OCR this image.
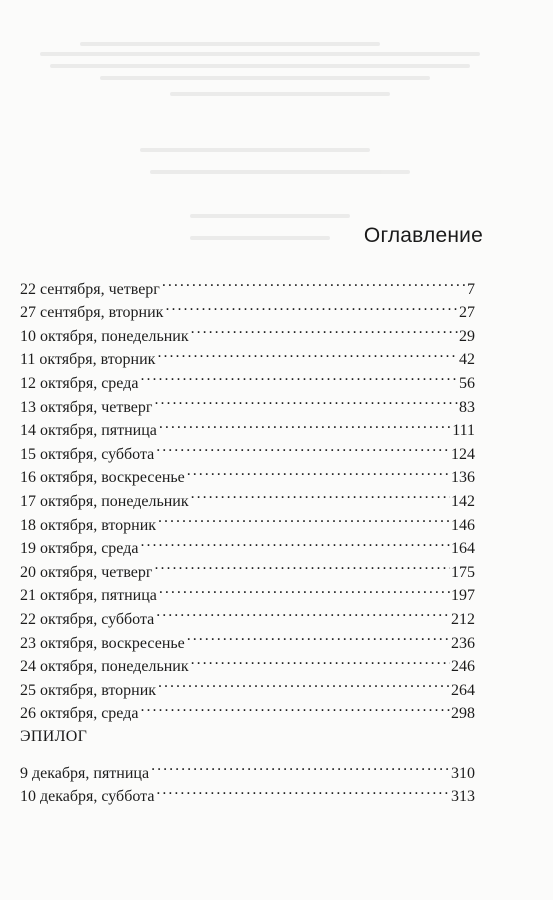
Оглавление
22 сентября, четверг . . .	7
27 сентября, вторник . . .	27
10 октября, понедельник . . .	29
11 октября, вторник . . .	42
12 октября, среда . . .	56
13 октября, четверг . . .	83
14 октября, пятница . . .	111
15 октября, суббота . . .	124
16 октября, воскресенье . . .	136
17 октября, понедельник . . .	142
18 октября, вторник . . .	146
19 октября, среда . . .	164
20 октября, четверг . . .	175
21 октября, пятница . . .	197
22 октября, суббота . . .	212
23 октября, воскресенье . . .	236
24 октября, понедельник . . .	246
25 октября, вторник . . .	264
26 октября, среда . . .	298
ЭПИЛОГ
9 декабря, пятница . . .	310
10 декабря, суббота . . .	313
